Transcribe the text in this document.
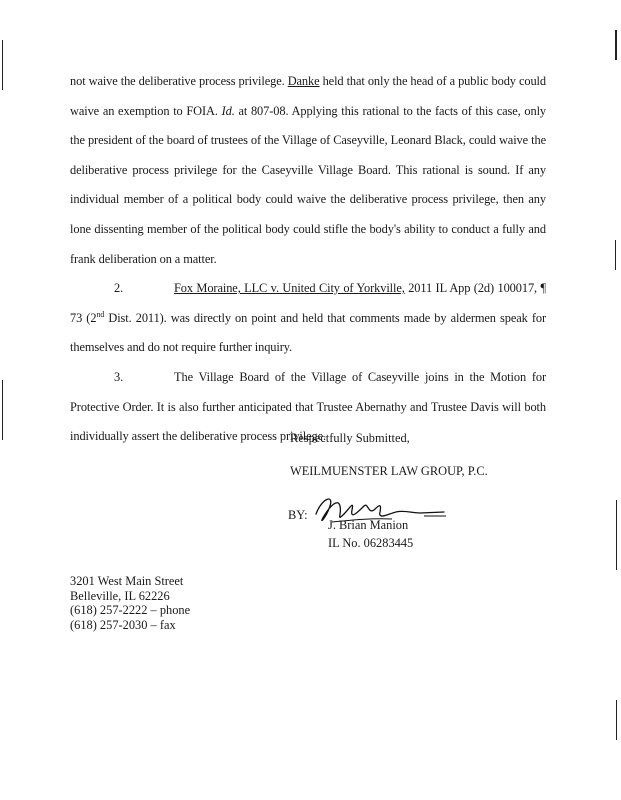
not waive the deliberative process privilege. Danke held that only the head of a public body could waive an exemption to FOIA. Id. at 807-08. Applying this rational to the facts of this case, only the president of the board of trustees of the Village of Caseyville, Leonard Black, could waive the deliberative process privilege for the Caseyville Village Board. This rational is sound. If any individual member of a political body could waive the deliberative process privilege, then any lone dissenting member of the political body could stifle the body's ability to conduct a fully and frank deliberation on a matter.

2.	Fox Moraine, LLC v. United City of Yorkville, 2011 IL App (2d) 100017, ¶ 73 (2nd Dist. 2011). was directly on point and held that comments made by aldermen speak for themselves and do not require further inquiry.

3.	The Village Board of the Village of Caseyville joins in the Motion for Protective Order. It is also further anticipated that Trustee Abernathy and Trustee Davis will both individually assert the deliberative process privilege.

Respectfully Submitted,
WEILMUENSTER LAW GROUP, P.C.
BY:
J. Brian Manion
IL No. 06283445
3201 West Main Street
Belleville, IL 62226
(618) 257-2222 – phone
(618) 257-2030 – fax
